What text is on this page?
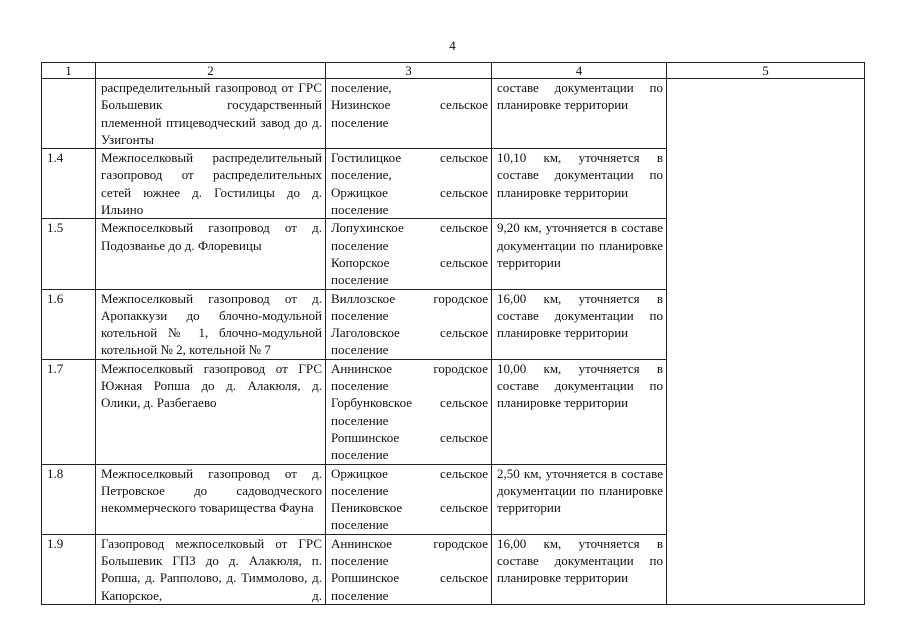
4
1	2	3	4	5
	распределительный газопровод от ГРС Большевик государственный племенной птицеводческий завод до д. Узигонты	поселение,
Низинское сельское поселение	составе документации по планировке территории	
1.4	Межпоселковый распределительный газопровод от распределительных сетей южнее д. Гостилицы до д. Ильино	Гостилицкое сельское поселение,
Оржицкое сельское поселение	10,10 км, уточняется в составе документации по планировке территории	
1.5	Межпоселковый газопровод от д. Подозванье до д. Флоревицы	Лопухинское сельское поселение
Копорское сельское поселение	9,20 км, уточняется в составе документации по планировке территории	
1.6	Межпоселковый газопровод от д. Аропаккузи до блочно-модульной котельной № 1, блочно-модульной котельной № 2, котельной № 7	Виллозское городское поселение
Лаголовское сельское поселение	16,00 км, уточняется в составе документации по планировке территории	
1.7	Межпоселковый газопровод от ГРС Южная Ропша до д. Алакюля, д. Олики, д. Разбегаево	Аннинское городское поселение
Горбунковское сельское поселение
Ропшинское сельское поселение	10,00 км, уточняется в составе документации по планировке территории	
1.8	Межпоселковый газопровод от д. Петровское до садоводческого некоммерческого товарищества Фауна	Оржицкое сельское поселение
Пениковское сельское поселение	2,50 км, уточняется в составе документации по планировке территории	
1.9	Газопровод межпоселковый от ГРС Большевик ГПЗ до д. Алакюля, п. Ропша, д. Рапполово, д. Тиммолово, д. Капорское, д.	Аннинское городское поселение
Ропшинское сельское поселение	16,00 км, уточняется в составе документации по планировке территории	
